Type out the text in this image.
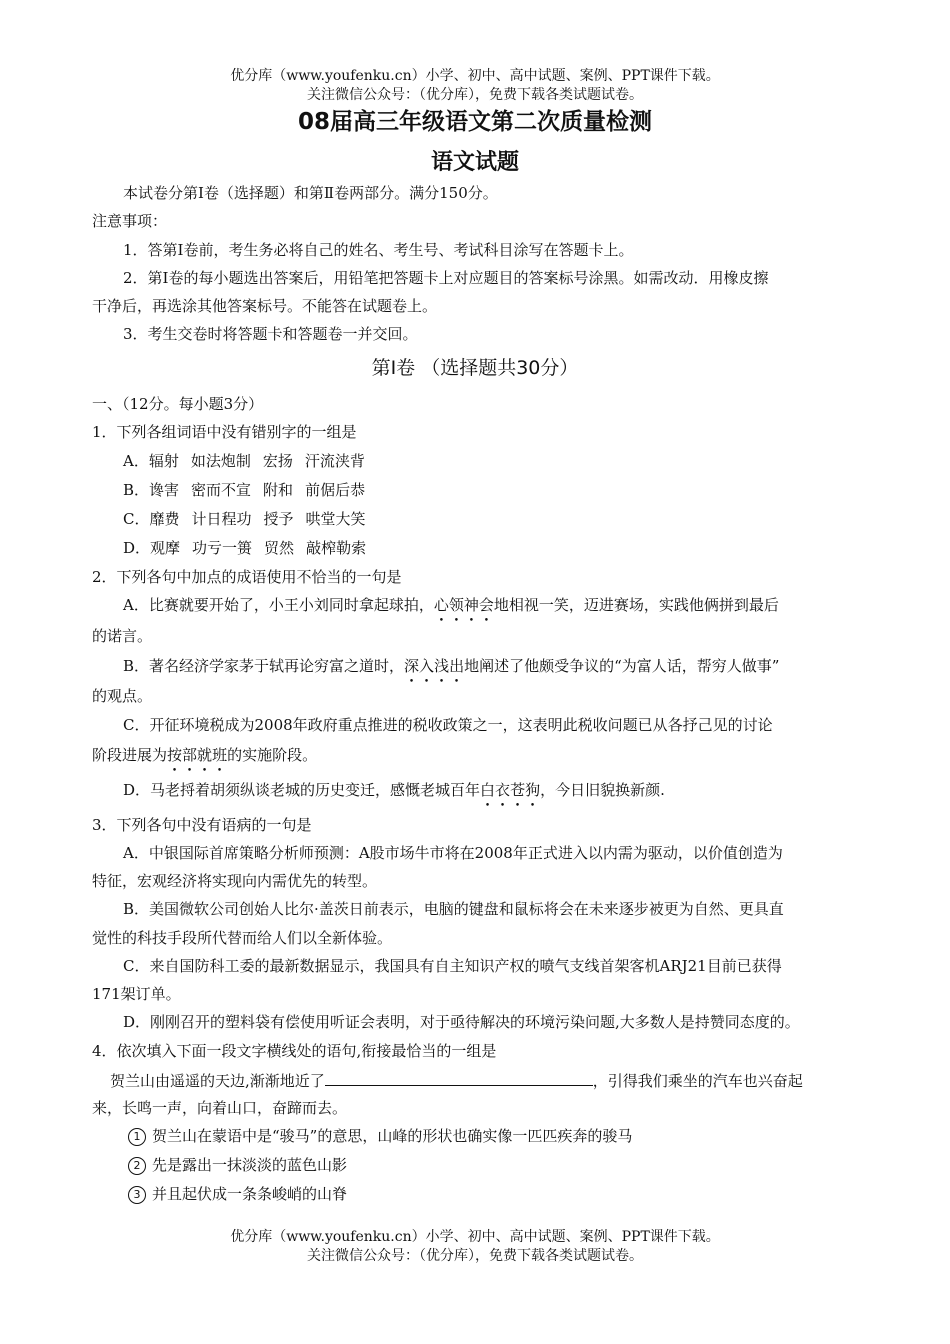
优分库（www.youfenku.cn）小学、初中、高中试题、案例、PPT课件下载。
关注微信公众号：（优分库），免费下载各类试题试卷。
08届高三年级语文第二次质量检测
语文试题
本试卷分第Ⅰ卷（选择题）和第Ⅱ卷两部分。满分150分。
注意事项：
1．答第Ⅰ卷前，考生务必将自己的姓名、考生号、考试科目涂写在答题卡上。
2．第Ⅰ卷的每小题选出答案后，用铅笔把答题卡上对应题目的答案标号涂黑。如需改动．用橡皮擦
干净后，再选涂其他答案标号。不能答在试题卷上。
3．考生交卷时将答题卡和答题卷一并交回。
第Ⅰ卷 （选择题共30分）
一、（12分。每小题3分）
1．下列各组词语中没有错别字的一组是
A．辐射 如法炮制 宏扬 汗流浃背
B．谗害 密而不宣 附和 前倨后恭
C．靡费 计日程功 授予 哄堂大笑
D．观摩 功亏一篑 贸然 敲榨勒索
2．下列各句中加点的成语使用不恰当的一句是
A．比赛就要开始了，小王小刘同时拿起球拍，心领神会地相视一笑，迈进赛场，实践他俩拼到最后
的诺言。
B．著名经济学家茅于轼再论穷富之道时，深入浅出地阐述了他颇受争议的“为富人话，帮穷人做事”
的观点。
C．开征环境税成为2008年政府重点推进的税收政策之一，这表明此税收问题已从各抒己见的讨论
阶段进展为按部就班的实施阶段。
D．马老捋着胡须纵谈老城的历史变迁，感慨老城百年白衣苍狗，今日旧貌换新颜.
3．下列各句中没有语病的一句是
A．中银国际首席策略分析师预测：A股市场牛市将在2008年正式进入以内需为驱动，以价值创造为
特征，宏观经济将实现向内需优先的转型。
B．美国微软公司创始人比尔·盖茨日前表示，电脑的键盘和鼠标将会在未来逐步被更为自然、更具直
觉性的科技手段所代替而给人们以全新体验。
C．来自国防科工委的最新数据显示，我国具有自主知识产权的喷气支线首架客机ARJ21目前已获得
171架订单。
D．刚刚召开的塑料袋有偿使用听证会表明，对于亟待解决的环境污染问题,大多数人是持赞同态度的。
4．依次填入下面一段文字横线处的语句,衔接最恰当的一组是
贺兰山由遥遥的天边,渐渐地近了	，引得我们乘坐的汽车也兴奋起
来，长鸣一声，向着山口，奋蹄而去。
1 贺兰山在蒙语中是“骏马”的意思，山峰的形状也确实像一匹匹疾奔的骏马
2 先是露出一抹淡淡的蓝色山影
3 并且起伏成一条条峻峭的山脊
优分库（www.youfenku.cn）小学、初中、高中试题、案例、PPT课件下载。
关注微信公众号：（优分库），免费下载各类试题试卷。
